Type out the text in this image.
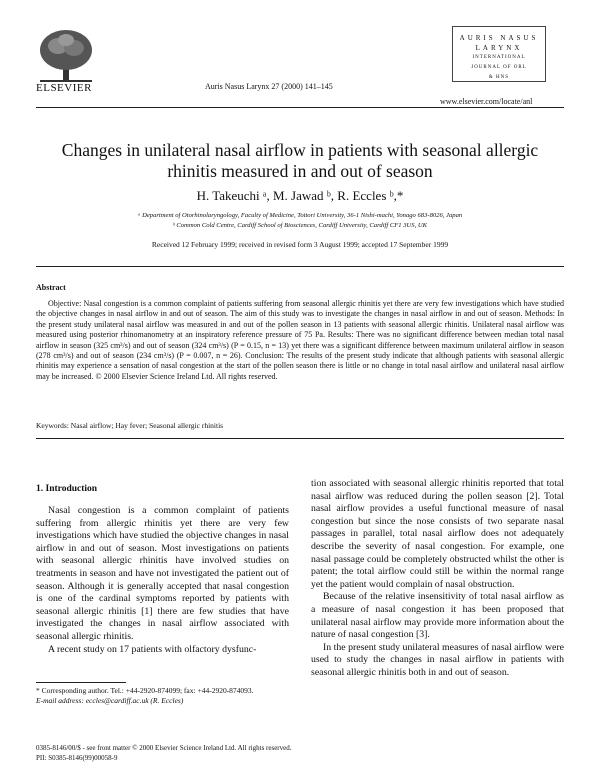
ELSEVIER	Auris Nasus Larynx 27 (2000) 141–145
AURIS NASUS
LARYNX
INTERNATIONAL
JOURNAL OF ORL
& HNS
www.elsevier.com/locate/anl
Changes in unilateral nasal airflow in patients with seasonal allergic rhinitis measured in and out of season
H. Takeuchi ᵃ, M. Jawad ᵇ, R. Eccles ᵇ,*
ᵃ Department of Otorhinolaryngology, Faculty of Medicine, Tottori University, 36-1 Nishi-machi, Yonago 683-8026, Japan
ᵇ Common Cold Centre, Cardiff School of Biosciences, Cardiff University, Cardiff CF1 3US, UK
Received 12 February 1999; received in revised form 3 August 1999; accepted 17 September 1999
Abstract

Objective: Nasal congestion is a common complaint of patients suffering from seasonal allergic rhinitis yet there are very few investigations which have studied the objective changes in nasal airflow in and out of season. The aim of this study was to investigate the changes in nasal airflow in and out of season. Methods: In the present study unilateral nasal airflow was measured in and out of the pollen season in 13 patients with seasonal allergic rhinitis. Unilateral nasal airflow was measured using posterior rhinomanometry at an inspiratory reference pressure of 75 Pa. Results: There was no significant difference between median total nasal airflow in season (325 cm³/s) and out of season (324 cm³/s) (P = 0.15, n = 13) yet there was a significant difference between maximum unilateral airflow in season (278 cm³/s) and out of season (234 cm³/s) (P = 0.007, n = 26). Conclusion: The results of the present study indicate that although patients with seasonal allergic rhinitis may experience a sensation of nasal congestion at the start of the pollen season there is little or no change in total nasal airflow and unilateral nasal airflow may be increased. © 2000 Elsevier Science Ireland Ltd. All rights reserved.

Keywords: Nasal airflow; Hay fever; Seasonal allergic rhinitis
1. Introduction

Nasal congestion is a common complaint of patients suffering from allergic rhinitis yet there are very few investigations which have studied the objective changes in nasal airflow in and out of season. Most investigations on patients with seasonal allergic rhinitis have involved studies on treatments in season and have not investigated the patient out of season. Although it is generally accepted that nasal congestion is one of the cardinal symptoms reported by patients with seasonal allergic rhinitis [1] there are few studies that have investigated the changes in nasal airflow associated with seasonal allergic rhinitis.

A recent study on 17 patients with olfactory dysfunc-

tion associated with seasonal allergic rhinitis reported that total nasal airflow was reduced during the pollen season [2]. Total nasal airflow provides a useful functional measure of nasal congestion but since the nose consists of two separate nasal passages in parallel, total nasal airflow does not adequately describe the severity of nasal congestion. For example, one nasal passage could be completely obstructed whilst the other is patent; the total airflow could still be within the normal range yet the patient would complain of nasal obstruction.

Because of the relative insensitivity of total nasal airflow as a measure of nasal congestion it has been proposed that unilateral nasal airflow may provide more information about the nature of nasal congestion [3].

In the present study unilateral measures of nasal airflow were used to study the changes in nasal airflow in patients with seasonal allergic rhinitis both in and out of season.

* Corresponding author. Tel.: +44-2920-874099; fax: +44-2920-874093.
E-mail address: eccles@cardiff.ac.uk (R. Eccles)
0385-8146/00/$ - see front matter © 2000 Elsevier Science Ireland Ltd. All rights reserved.
PII: S0385-8146(99)00058-9
